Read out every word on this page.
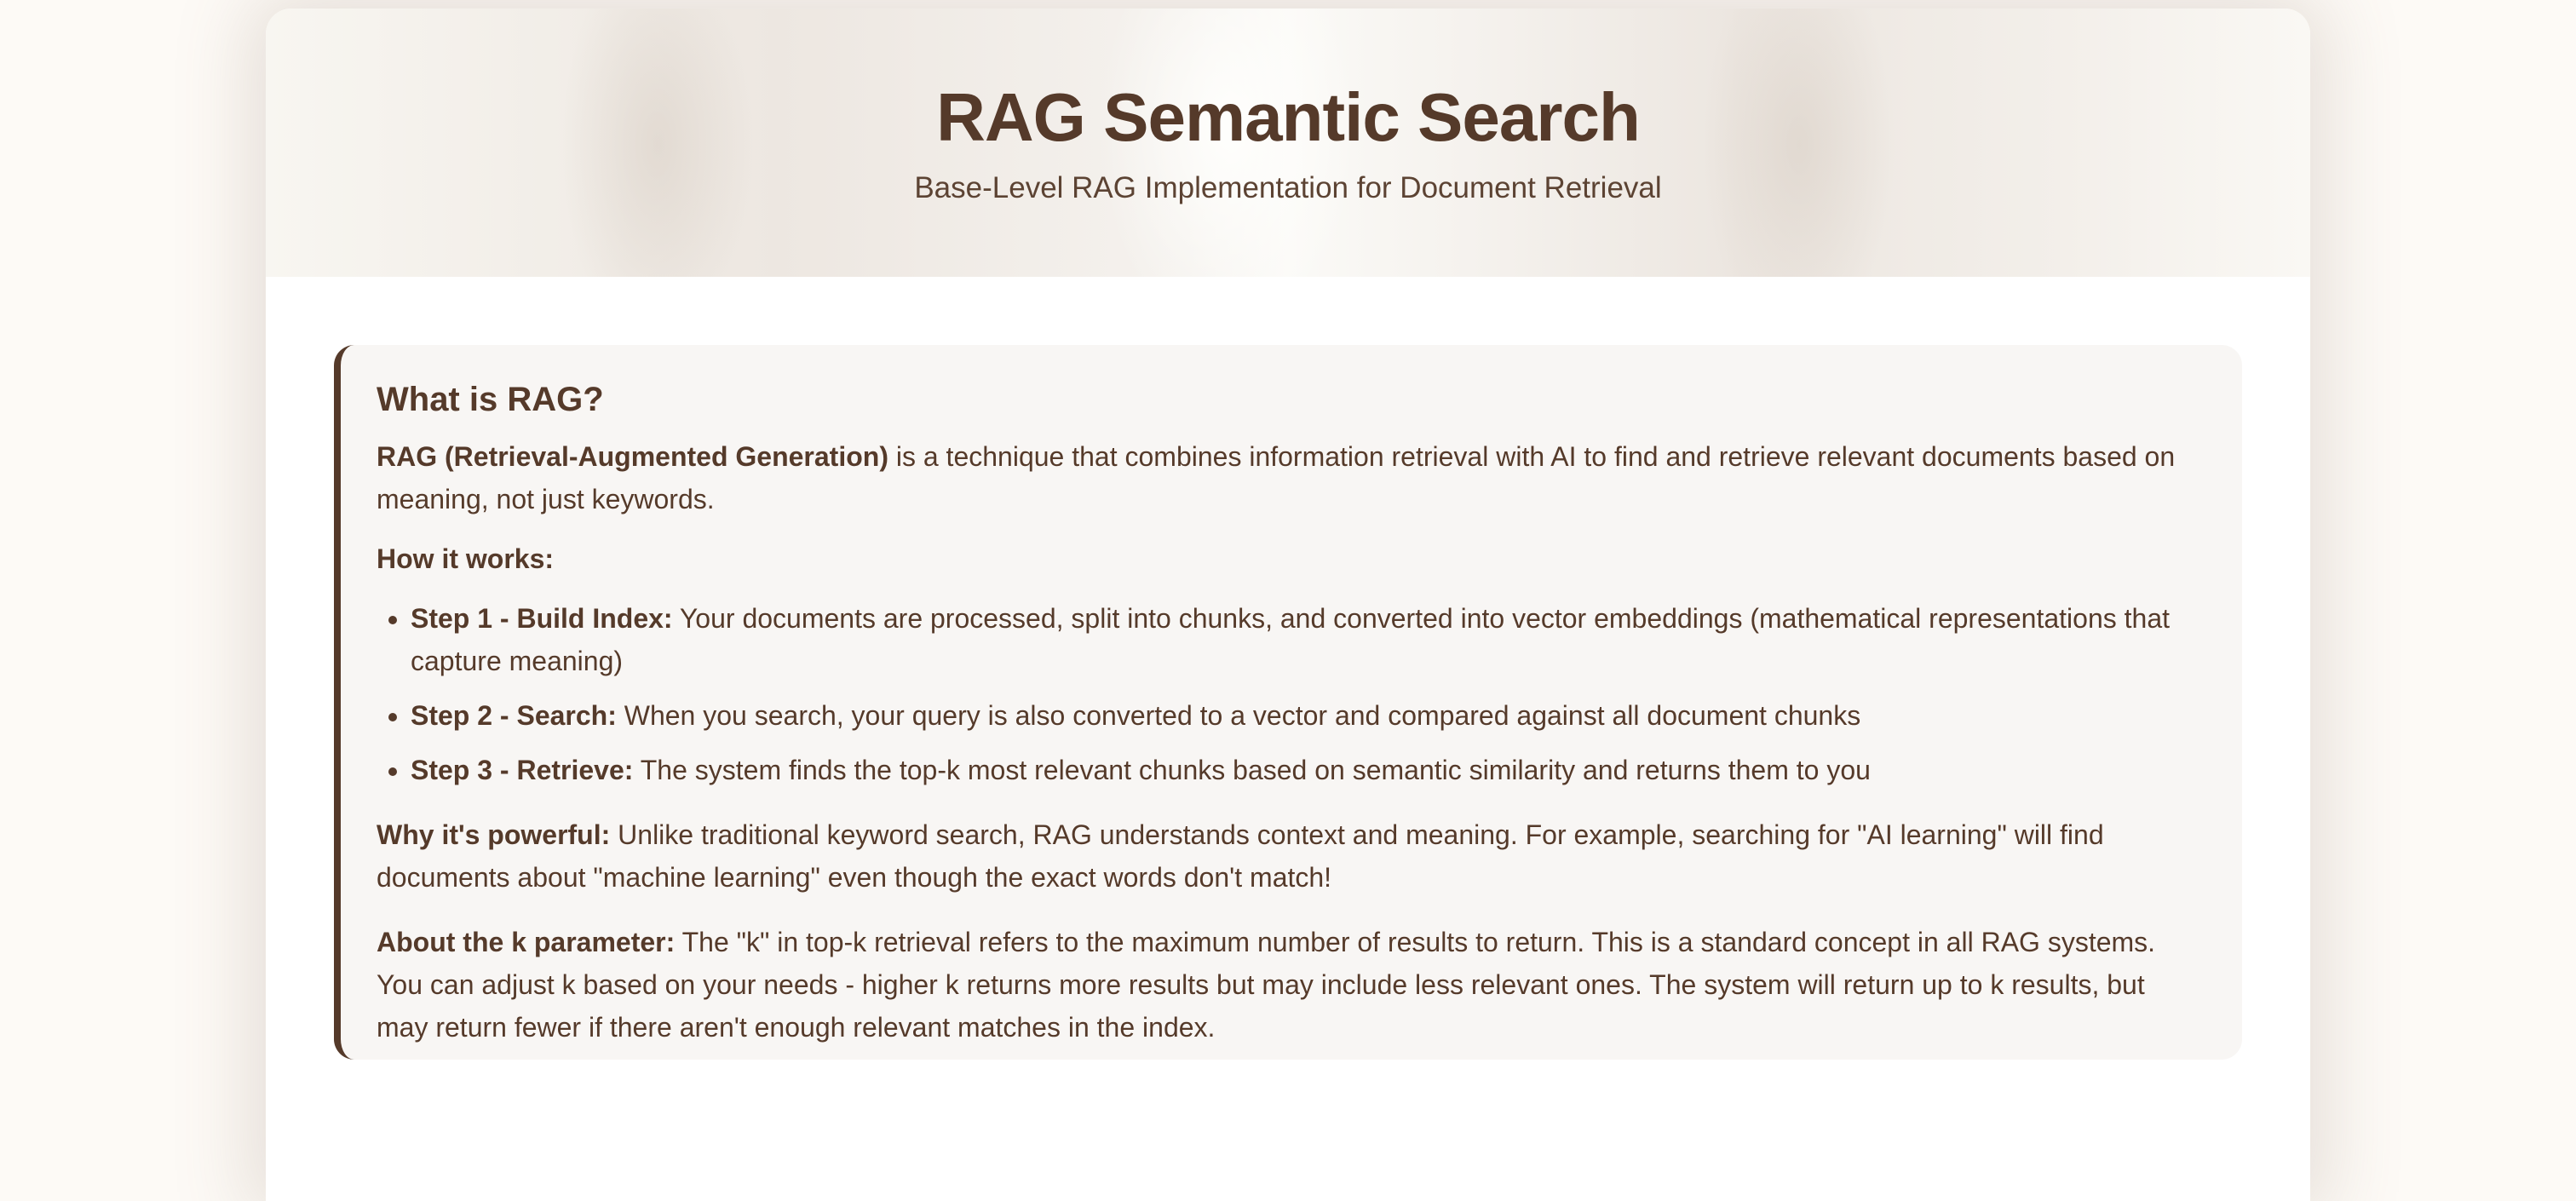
RAG Semantic Search

Base-Level RAG Implementation for Document Retrieval

What is RAG?

RAG (Retrieval-Augmented Generation) is a technique that combines information retrieval with AI to find and retrieve relevant documents based on meaning, not just keywords.

How it works:

• Step 1 - Build Index: Your documents are processed, split into chunks, and converted into vector embeddings (mathematical representations that capture meaning)
• Step 2 - Search: When you search, your query is also converted to a vector and compared against all document chunks
• Step 3 - Retrieve: The system finds the top-k most relevant chunks based on semantic similarity and returns them to you

Why it's powerful: Unlike traditional keyword search, RAG understands context and meaning. For example, searching for "AI learning" will find documents about "machine learning" even though the exact words don't match!

About the k parameter: The "k" in top-k retrieval refers to the maximum number of results to return. This is a standard concept in all RAG systems. You can adjust k based on your needs - higher k returns more results but may include less relevant ones. The system will return up to k results, but may return fewer if there aren't enough relevant matches in the index.
